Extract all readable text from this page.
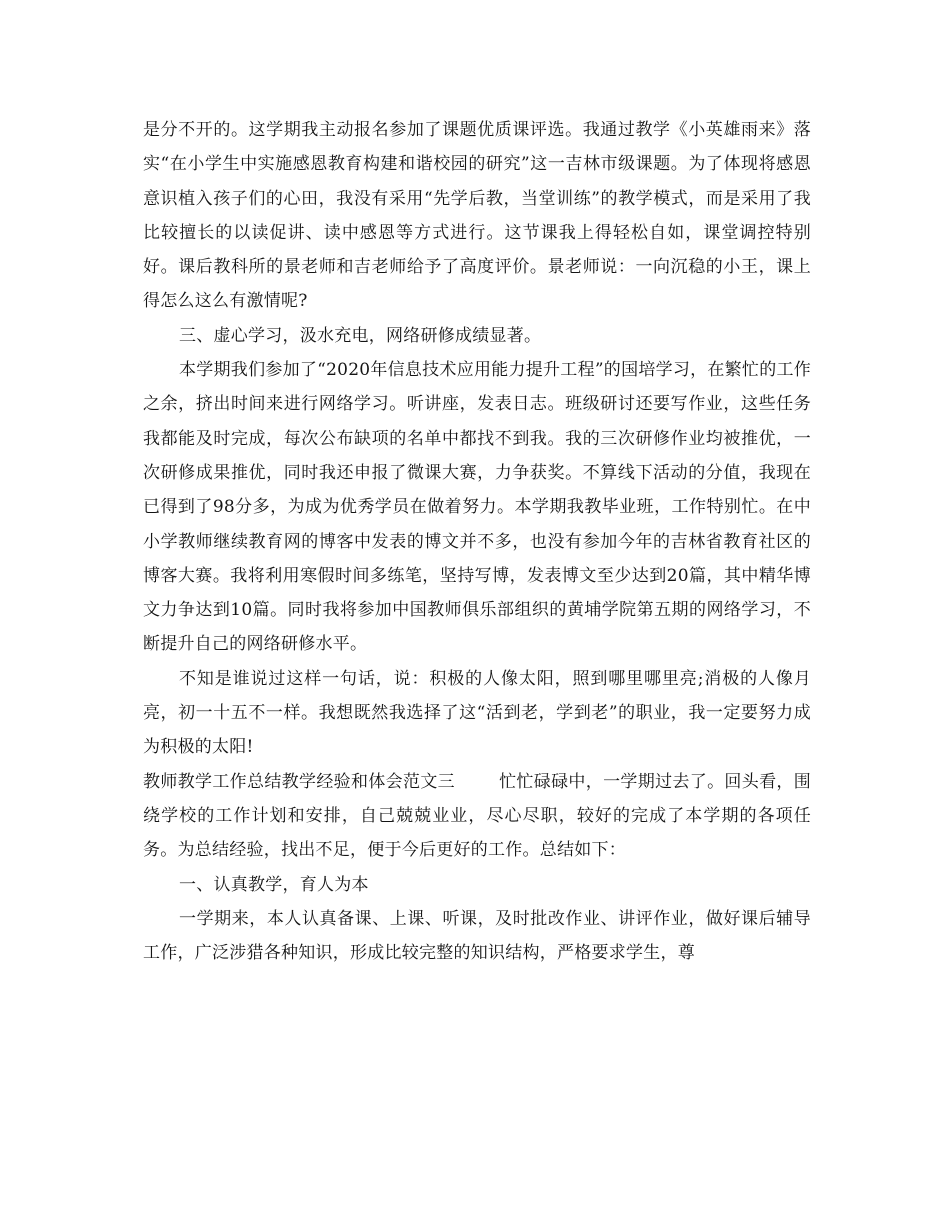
是分不开的。这学期我主动报名参加了课题优质课评选。我通过教学《小英雄雨来》落实“在小学生中实施感恩教育构建和谐校园的研究”这一吉林市级课题。为了体现将感恩意识植入孩子们的心田，我没有采用“先学后教，当堂训练”的教学模式，而是采用了我比较擅长的以读促讲、读中感恩等方式进行。这节课我上得轻松自如，课堂调控特别好。课后教科所的景老师和吉老师给予了高度评价。景老师说：一向沉稳的小王，课上得怎么这么有激情呢?

三、虚心学习，汲水充电，网络研修成绩显著。

本学期我们参加了“2020年信息技术应用能力提升工程”的国培学习，在繁忙的工作之余，挤出时间来进行网络学习。听讲座，发表日志。班级研讨还要写作业，这些任务我都能及时完成，每次公布缺项的名单中都找不到我。我的三次研修作业均被推优，一次研修成果推优，同时我还申报了微课大赛，力争获奖。不算线下活动的分值，我现在已得到了98分多，为成为优秀学员在做着努力。本学期我教毕业班，工作特别忙。在中小学教师继续教育网的博客中发表的博文并不多，也没有参加今年的吉林省教育社区的博客大赛。我将利用寒假时间多练笔，坚持写博，发表博文至少达到20篇，其中精华博文力争达到10篇。同时我将参加中国教师俱乐部组织的黄埔学院第五期的网络学习，不断提升自己的网络研修水平。

不知是谁说过这样一句话，说：积极的人像太阳，照到哪里哪里亮;消极的人像月亮，初一十五不一样。我想既然我选择了这“活到老，学到老”的职业，我一定要努力成为积极的太阳!

教师教学工作总结教学经验和体会范文三	忙忙碌碌中，一学期过去了。回头看，围绕学校的工作计划和安排，自己兢兢业业，尽心尽职，较好的完成了本学期的各项任务。为总结经验，找出不足，便于今后更好的工作。总结如下：

一、认真教学，育人为本

一学期来，本人认真备课、上课、听课，及时批改作业、讲评作业，做好课后辅导工作，广泛涉猎各种知识，形成比较完整的知识结构，严格要求学生，尊
